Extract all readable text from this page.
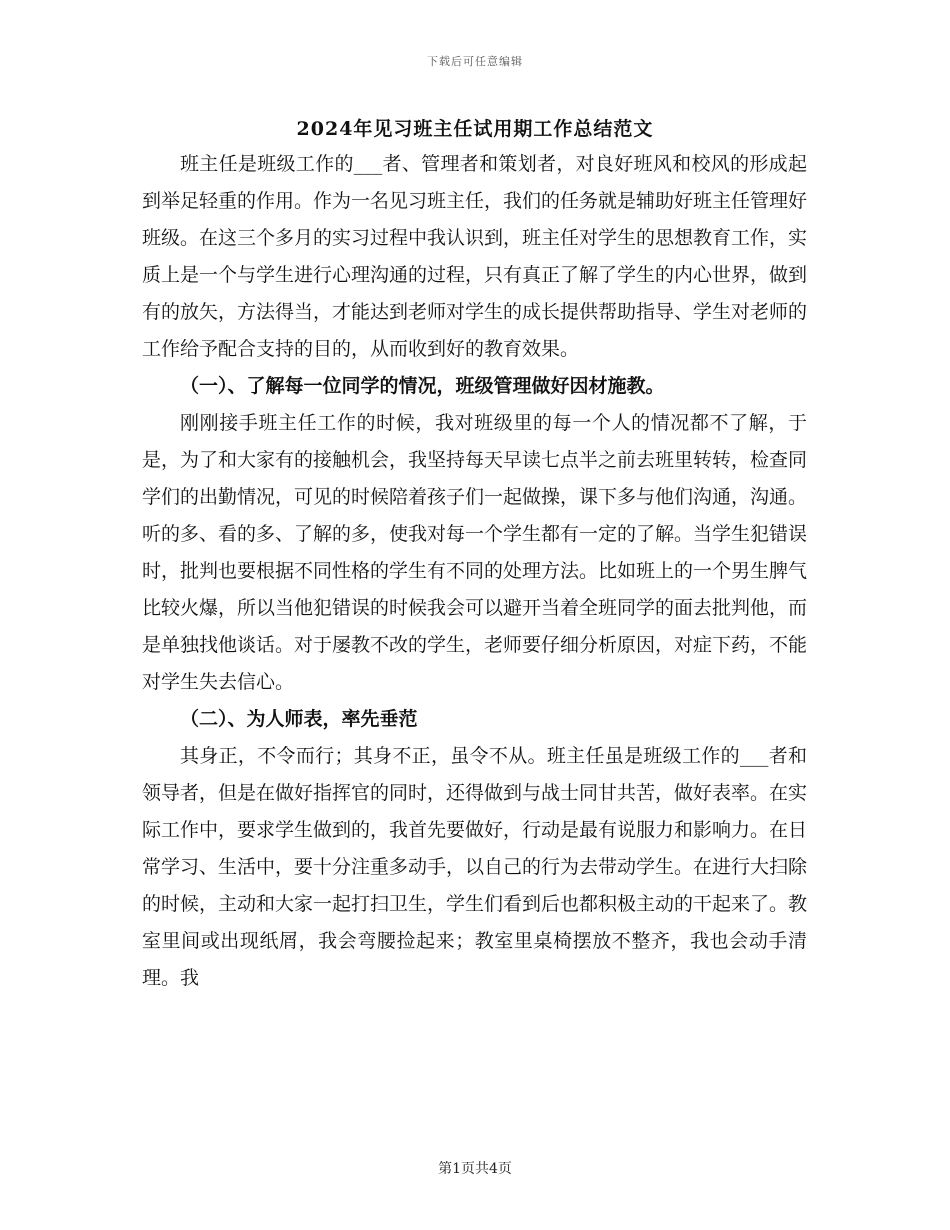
下载后可任意编辑
2024年见习班主任试用期工作总结范文

班主任是班级工作的___者、管理者和策划者，对良好班风和校风的形成起到举足轻重的作用。作为一名见习班主任，我们的任务就是辅助好班主任管理好班级。在这三个多月的实习过程中我认识到，班主任对学生的思想教育工作，实质上是一个与学生进行心理沟通的过程，只有真正了解了学生的内心世界，做到有的放矢，方法得当，才能达到老师对学生的成长提供帮助指导、学生对老师的工作给予配合支持的目的，从而收到好的教育效果。

（一）、了解每一位同学的情况，班级管理做好因材施教。

刚刚接手班主任工作的时候，我对班级里的每一个人的情况都不了解，于是，为了和大家有的接触机会，我坚持每天早读七点半之前去班里转转，检查同学们的出勤情况，可见的时候陪着孩子们一起做操，课下多与他们沟通，沟通。听的多、看的多、了解的多，使我对每一个学生都有一定的了解。当学生犯错误时，批判也要根据不同性格的学生有不同的处理方法。比如班上的一个男生脾气比较火爆，所以当他犯错误的时候我会可以避开当着全班同学的面去批判他，而是单独找他谈话。对于屡教不改的学生，老师要仔细分析原因，对症下药，不能对学生失去信心。

（二）、为人师表，率先垂范

其身正，不令而行；其身不正，虽令不从。班主任虽是班级工作的___者和领导者，但是在做好指挥官的同时，还得做到与战士同甘共苦，做好表率。在实际工作中，要求学生做到的，我首先要做好，行动是最有说服力和影响力。在日常学习、生活中，要十分注重多动手，以自己的行为去带动学生。在进行大扫除的时候，主动和大家一起打扫卫生，学生们看到后也都积极主动的干起来了。教室里间或出现纸屑，我会弯腰捡起来；教室里桌椅摆放不整齐，我也会动手清理。我

第1页共4页
